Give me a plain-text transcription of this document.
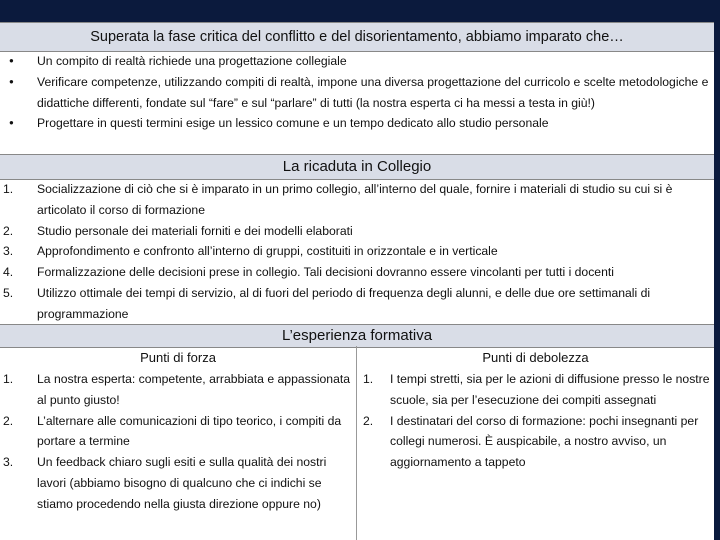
Superata la fase critica del conflitto e del disorientamento, abbiamo imparato che…
● Un compito di realtà richiede una progettazione collegiale
● Verificare competenze, utilizzando compiti di realtà, impone una diversa progettazione del curricolo e scelte metodologiche e didattiche differenti, fondate sul “fare” e sul “parlare” di tutti (la nostra esperta ci ha messi a testa in giù!)
● Progettare in questi termini esige un lessico comune e un tempo dedicato allo studio personale
La ricaduta in Collegio
1.	Socializzazione di ciò che si è imparato in un primo collegio, all’interno del quale, fornire i materiali di studio su cui si è articolato il corso di formazione
2.	Studio personale dei materiali forniti e dei modelli elaborati
3.	Approfondimento e confronto all’interno di gruppi, costituiti in orizzontale e in verticale
4.	Formalizzazione delle decisioni prese in collegio. Tali decisioni dovranno essere vincolanti per tutti i docenti
5.	Utilizzo ottimale dei tempi di servizio, al di fuori del periodo di frequenza degli alunni, e delle due ore settimanali di programmazione
L’esperienza formativa
Punti di forza
1.	La nostra esperta: competente, arrabbiata e appassionata al punto giusto!
2.	L’alternare alle comunicazioni di tipo teorico, i compiti da portare a termine
3.	Un feedback chiaro sugli esiti e sulla qualità dei nostri lavori (abbiamo bisogno di qualcuno che ci indichi se stiamo procedendo nella giusta direzione oppure no)
Punti di debolezza
1.	I tempi stretti, sia per le azioni di diffusione presso le nostre scuole, sia per l’esecuzione dei compiti assegnati
2.	I destinatari del corso di formazione: pochi insegnanti per collegi numerosi. È auspicabile, a nostro avviso, un aggiornamento a tappeto
